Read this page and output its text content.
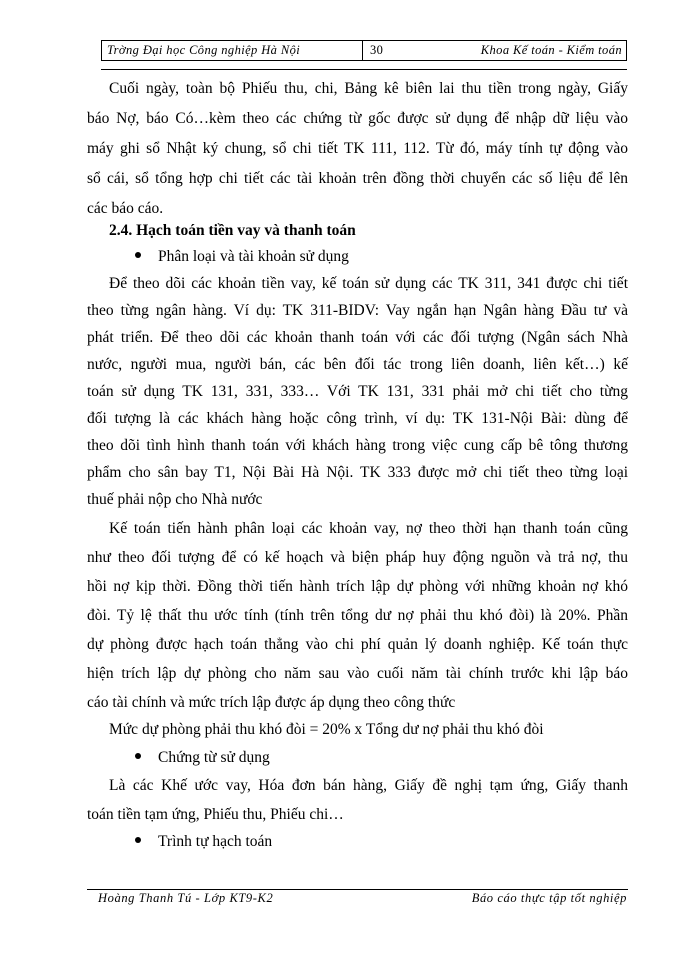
Trờng Đại học Công nghiệp Hà Nội	30	Khoa Kế toán - Kiểm toán
Cuối ngày, toàn bộ Phiếu thu, chi, Bảng kê biên lai thu tiền trong ngày, Giấy
báo Nợ, báo Có…kèm theo các chứng từ gốc được sử dụng để nhập dữ liệu vào
máy ghi sổ Nhật ký chung, sổ chi tiết TK 111, 112. Từ đó, máy tính tự động vào
sổ cái, sổ tổng hợp chi tiết các tài khoản trên đồng thời chuyển các số liệu để lên
các báo cáo.
2.4. Hạch toán tiền vay và thanh toán
Phân loại và tài khoản sử dụng
Để theo dõi các khoản tiền vay, kế toán sử dụng các TK 311, 341 được chi tiết
theo từng ngân hàng. Ví dụ: TK 311-BIDV: Vay ngắn hạn Ngân hàng Đầu tư và
phát triển. Để theo dõi các khoản thanh toán với các đối tượng (Ngân sách Nhà
nước, người mua, người bán, các bên đối tác trong liên doanh, liên kết…) kế
toán sử dụng TK 131, 331, 333… Với TK 131, 331 phải mở chi tiết cho từng
đối tượng là các khách hàng hoặc công trình, ví dụ: TK 131-Nội Bài: dùng để
theo dõi tình hình thanh toán với khách hàng trong việc cung cấp bê tông thương
phẩm cho sân bay T1, Nội Bài Hà Nội. TK 333 được mở chi tiết theo từng loại
thuế phải nộp cho Nhà nước
Kế toán tiến hành phân loại các khoản vay, nợ theo thời hạn thanh toán cũng
như theo đối tượng để có kế hoạch và biện pháp huy động nguồn và trả nợ, thu
hồi nợ kịp thời. Đồng thời tiến hành trích lập dự phòng với những khoản nợ khó
đòi. Tỷ lệ thất thu ước tính (tính trên tổng dư nợ phải thu khó đòi) là 20%. Phần
dự phòng được hạch toán thẳng vào chi phí quản lý doanh nghiệp. Kế toán thực
hiện trích lập dự phòng cho năm sau vào cuối năm tài chính trước khi lập báo
cáo tài chính và mức trích lập được áp dụng theo công thức
Mức dự phòng phải thu khó đòi = 20% x Tổng dư nợ phải thu khó đòi
Chứng từ sử dụng
Là các Khế ước vay, Hóa đơn bán hàng, Giấy đề nghị tạm ứng, Giấy thanh
toán tiền tạm ứng, Phiếu thu, Phiếu chi…
Trình tự hạch toán
Hoàng Thanh Tú - Lớp KT9-K2	Báo cáo thực tập tốt nghiệp
